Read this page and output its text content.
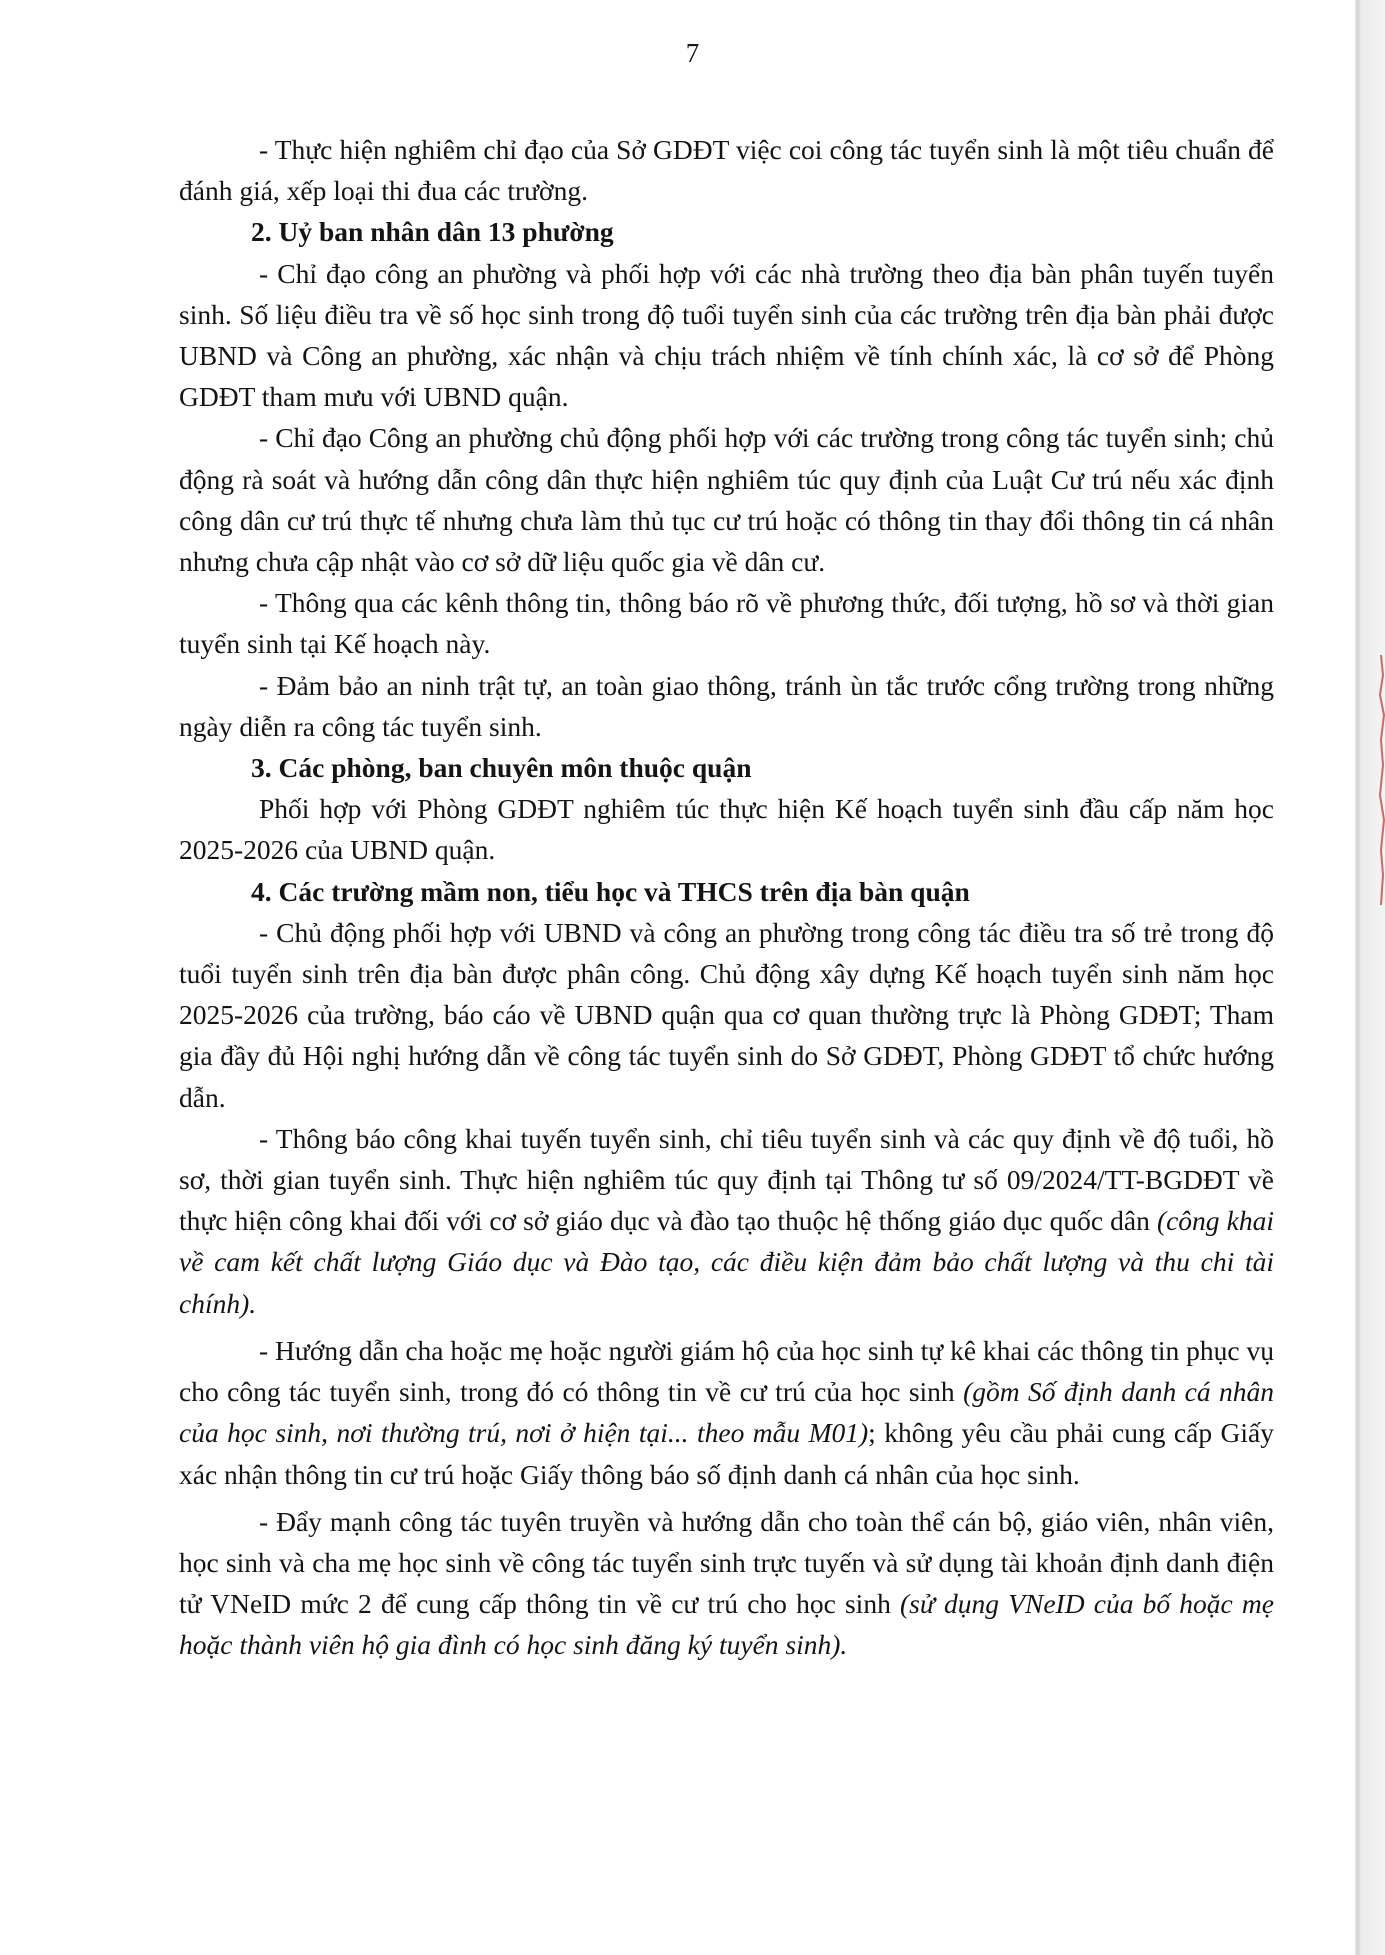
7

- Thực hiện nghiêm chỉ đạo của Sở GDĐT việc coi công tác tuyển sinh là một tiêu chuẩn để đánh giá, xếp loại thi đua các trường.

2. Uỷ ban nhân dân 13 phường

- Chỉ đạo công an phường và phối hợp với các nhà trường theo địa bàn phân tuyến tuyển sinh. Số liệu điều tra về số học sinh trong độ tuổi tuyển sinh của các trường trên địa bàn phải được UBND và Công an phường, xác nhận và chịu trách nhiệm về tính chính xác, là cơ sở để Phòng GDĐT tham mưu với UBND quận.

- Chỉ đạo Công an phường chủ động phối hợp với các trường trong công tác tuyển sinh; chủ động rà soát và hướng dẫn công dân thực hiện nghiêm túc quy định của Luật Cư trú nếu xác định công dân cư trú thực tế nhưng chưa làm thủ tục cư trú hoặc có thông tin thay đổi thông tin cá nhân nhưng chưa cập nhật vào cơ sở dữ liệu quốc gia về dân cư.

- Thông qua các kênh thông tin, thông báo rõ về phương thức, đối tượng, hồ sơ và thời gian tuyển sinh tại Kế hoạch này.

- Đảm bảo an ninh trật tự, an toàn giao thông, tránh ùn tắc trước cổng trường trong những ngày diễn ra công tác tuyển sinh.

3. Các phòng, ban chuyên môn thuộc quận

Phối hợp với Phòng GDĐT nghiêm túc thực hiện Kế hoạch tuyển sinh đầu cấp năm học 2025-2026 của UBND quận.

4. Các trường mầm non, tiểu học và THCS trên địa bàn quận

- Chủ động phối hợp với UBND và công an phường trong công tác điều tra số trẻ trong độ tuổi tuyển sinh trên địa bàn được phân công. Chủ động xây dựng Kế hoạch tuyển sinh năm học 2025-2026 của trường, báo cáo về UBND quận qua cơ quan thường trực là Phòng GDĐT; Tham gia đầy đủ Hội nghị hướng dẫn về công tác tuyển sinh do Sở GDĐT, Phòng GDĐT tổ chức hướng dẫn.

- Thông báo công khai tuyến tuyển sinh, chỉ tiêu tuyển sinh và các quy định về độ tuổi, hồ sơ, thời gian tuyển sinh. Thực hiện nghiêm túc quy định tại Thông tư số 09/2024/TT-BGDĐT về thực hiện công khai đối với cơ sở giáo dục và đào tạo thuộc hệ thống giáo dục quốc dân (công khai về cam kết chất lượng Giáo dục và Đào tạo, các điều kiện đảm bảo chất lượng và thu chi tài chính).

- Hướng dẫn cha hoặc mẹ hoặc người giám hộ của học sinh tự kê khai các thông tin phục vụ cho công tác tuyển sinh, trong đó có thông tin về cư trú của học sinh (gồm Số định danh cá nhân của học sinh, nơi thường trú, nơi ở hiện tại... theo mẫu M01); không yêu cầu phải cung cấp Giấy xác nhận thông tin cư trú hoặc Giấy thông báo số định danh cá nhân của học sinh.

- Đẩy mạnh công tác tuyên truyền và hướng dẫn cho toàn thể cán bộ, giáo viên, nhân viên, học sinh và cha mẹ học sinh về công tác tuyển sinh trực tuyến và sử dụng tài khoản định danh điện tử VNeID mức 2 để cung cấp thông tin về cư trú cho học sinh (sử dụng VNeID của bố hoặc mẹ hoặc thành viên hộ gia đình có học sinh đăng ký tuyển sinh).
